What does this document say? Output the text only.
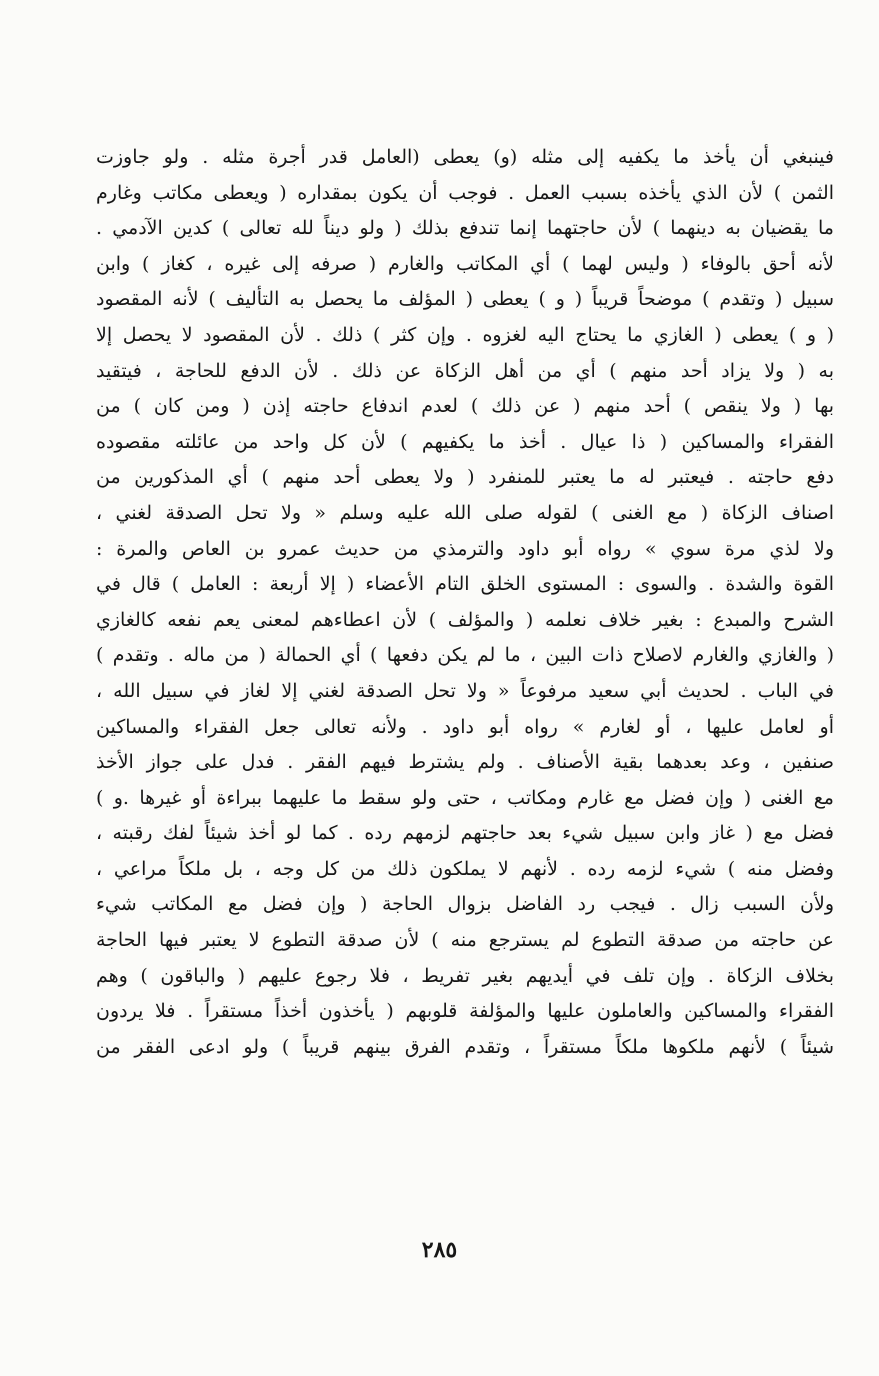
فينبغي أن يأخذ ما يكفيه إلى مثله (و) يعطى (العامل قدر أجرة مثله . ولو جاوزت
الثمن ) لأن الذي يأخذه بسبب العمل . فوجب أن يكون بمقداره ( ويعطى مكاتب وغارم
ما يقضيان به دينهما ) لأن حاجتهما إنما تندفع بذلك ( ولو ديناً لله تعالى ) كدين الآدمي .
لأنه أحق بالوفاء ( وليس لهما ) أي المكاتب والغارم ( صرفه إلى غيره ، كغاز ) وابن
سبيل ( وتقدم ) موضحاً قريباً ( و ) يعطى ( المؤلف ما يحصل به التأليف ) لأنه المقصود
( و ) يعطى ( الغازي ما يحتاج اليه لغزوه . وإن كثر ) ذلك . لأن المقصود لا يحصل إلا
به ( ولا يزاد أحد منهم ) أي من أهل الزكاة عن ذلك . لأن الدفع للحاجة ، فيتقيد
بها ( ولا ينقص ) أحد منهم ( عن ذلك ) لعدم اندفاع حاجته إذن ( ومن كان ) من
الفقراء والمساكين ( ذا عيال . أخذ ما يكفيهم ) لأن كل واحد من عائلته مقصوده
دفع حاجته . فيعتبر له ما يعتبر للمنفرد ( ولا يعطى أحد منهم ) أي المذكورين من
اصناف الزكاة ( مع الغنى ) لقوله صلى الله عليه وسلم « ولا تحل الصدقة لغني ،
ولا لذي مرة سوي » رواه أبو داود والترمذي من حديث عمرو بن العاص والمرة :
القوة والشدة . والسوى : المستوى الخلق التام الأعضاء ( إلا أربعة : العامل ) قال في
الشرح والمبدع : بغير خلاف نعلمه ( والمؤلف ) لأن اعطاءهم لمعنى يعم نفعه كالغازي
( والغازي والغارم لاصلاح ذات البين ، ما لم يكن دفعها ) أي الحمالة ( من ماله . وتقدم )
في الباب . لحديث أبي سعيد مرفوعاً « ولا تحل الصدقة لغني إلا لغاز في سبيل الله ،
أو لعامل عليها ، أو لغارم » رواه أبو داود . ولأنه تعالى جعل الفقراء والمساكين
صنفين ، وعد بعدهما بقية الأصناف . ولم يشترط فيهم الفقر . فدل على جواز الأخذ
مع الغنى ( وإن فضل مع غارم ومكاتب ، حتى ولو سقط ما عليهما ببراءة أو غيرها .و )
فضل مع ( غاز وابن سبيل شيء بعد حاجتهم لزمهم رده . كما لو أخذ شيئاً لفك رقبته ،
وفضل منه ) شيء لزمه رده . لأنهم لا يملكون ذلك من كل وجه ، بل ملكاً مراعي ،
ولأن السبب زال . فيجب رد الفاضل بزوال الحاجة ( وإن فضل مع المكاتب شيء
عن حاجته من صدقة التطوع لم يسترجع منه ) لأن صدقة التطوع لا يعتبر فيها الحاجة
بخلاف الزكاة . وإن تلف في أيديهم بغير تفريط ، فلا رجوع عليهم ( والباقون ) وهم
الفقراء والمساكين والعاملون عليها والمؤلفة قلوبهم ( يأخذون أخذاً مستقراً . فلا يردون
شيئاً ) لأنهم ملكوها ملكاً مستقراً ، وتقدم الفرق بينهم قريباً ) ولو ادعى الفقر من
٢٨٥
